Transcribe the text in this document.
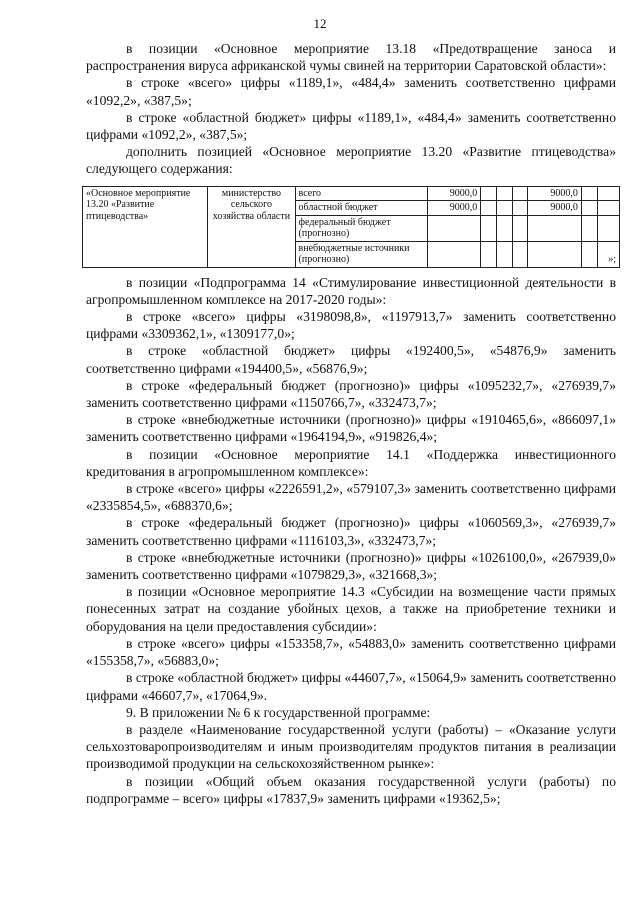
12

в позиции «Основное мероприятие 13.18 «Предотвращение заноса и распространения вируса африканской чумы свиней на территории Саратовской области»:

в строке «всего» цифры «1189,1», «484,4» заменить соответственно цифрами «1092,2», «387,5»;

в строке «областной бюджет» цифры «1189,1», «484,4» заменить соответственно цифрами «1092,2», «387,5»;

дополнить позицией «Основное мероприятие 13.20 «Развитие птицеводства» следующего содержания:

«Основное мероприятие 13.20 «Развитие птицеводства»	министерство сельского хозяйства области	всего	9000,0				9000,0		
		областной бюджет	9000,0				9000,0		
		федеральный бюджет (прогнозно)							
		внебюджетные источники (прогнозно)							»;

в позиции «Подпрограмма 14 «Стимулирование инвестиционной деятельности в агропромышленном комплексе на 2017-2020 годы»:

в строке «всего» цифры «3198098,8», «1197913,7» заменить соответственно цифрами «3309362,1», «1309177,0»;

в строке «областной бюджет» цифры «192400,5», «54876,9» заменить соответственно цифрами «194400,5», «56876,9»;

в строке «федеральный бюджет (прогнозно)» цифры «1095232,7», «276939,7» заменить соответственно цифрами «1150766,7», «332473,7»;

в строке «внебюджетные источники (прогнозно)» цифры «1910465,6», «866097,1» заменить соответственно цифрами «1964194,9», «919826,4»;

в позиции «Основное мероприятие 14.1 «Поддержка инвестиционного кредитования в агропромышленном комплексе»:

в строке «всего» цифры «2226591,2», «579107,3» заменить соответственно цифрами «2335854,5», «688370,6»;

в строке «федеральный бюджет (прогнозно)» цифры «1060569,3», «276939,7» заменить соответственно цифрами «1116103,3», «332473,7»;

в строке «внебюджетные источники (прогнозно)» цифры «1026100,0», «267939,0» заменить соответственно цифрами «1079829,3», «321668,3»;

в позиции «Основное мероприятие 14.3 «Субсидии на возмещение части прямых понесенных затрат на создание убойных цехов, а также на приобретение техники и оборудования на цели предоставления субсидии»:

в строке «всего» цифры «153358,7», «54883,0» заменить соответственно цифрами «155358,7», «56883,0»;

в строке «областной бюджет» цифры «44607,7», «15064,9» заменить соответственно цифрами «46607,7», «17064,9».

9. В приложении № 6 к государственной программе:

в разделе «Наименование государственной услуги (работы) – «Оказание услуги сельхозтоваропроизводителям и иным производителям продуктов питания в реализации производимой продукции на сельскохозяйственном рынке»:

в позиции «Общий объем оказания государственной услуги (работы) по подпрограмме – всего» цифры «17837,9» заменить цифрами «19362,5»;
